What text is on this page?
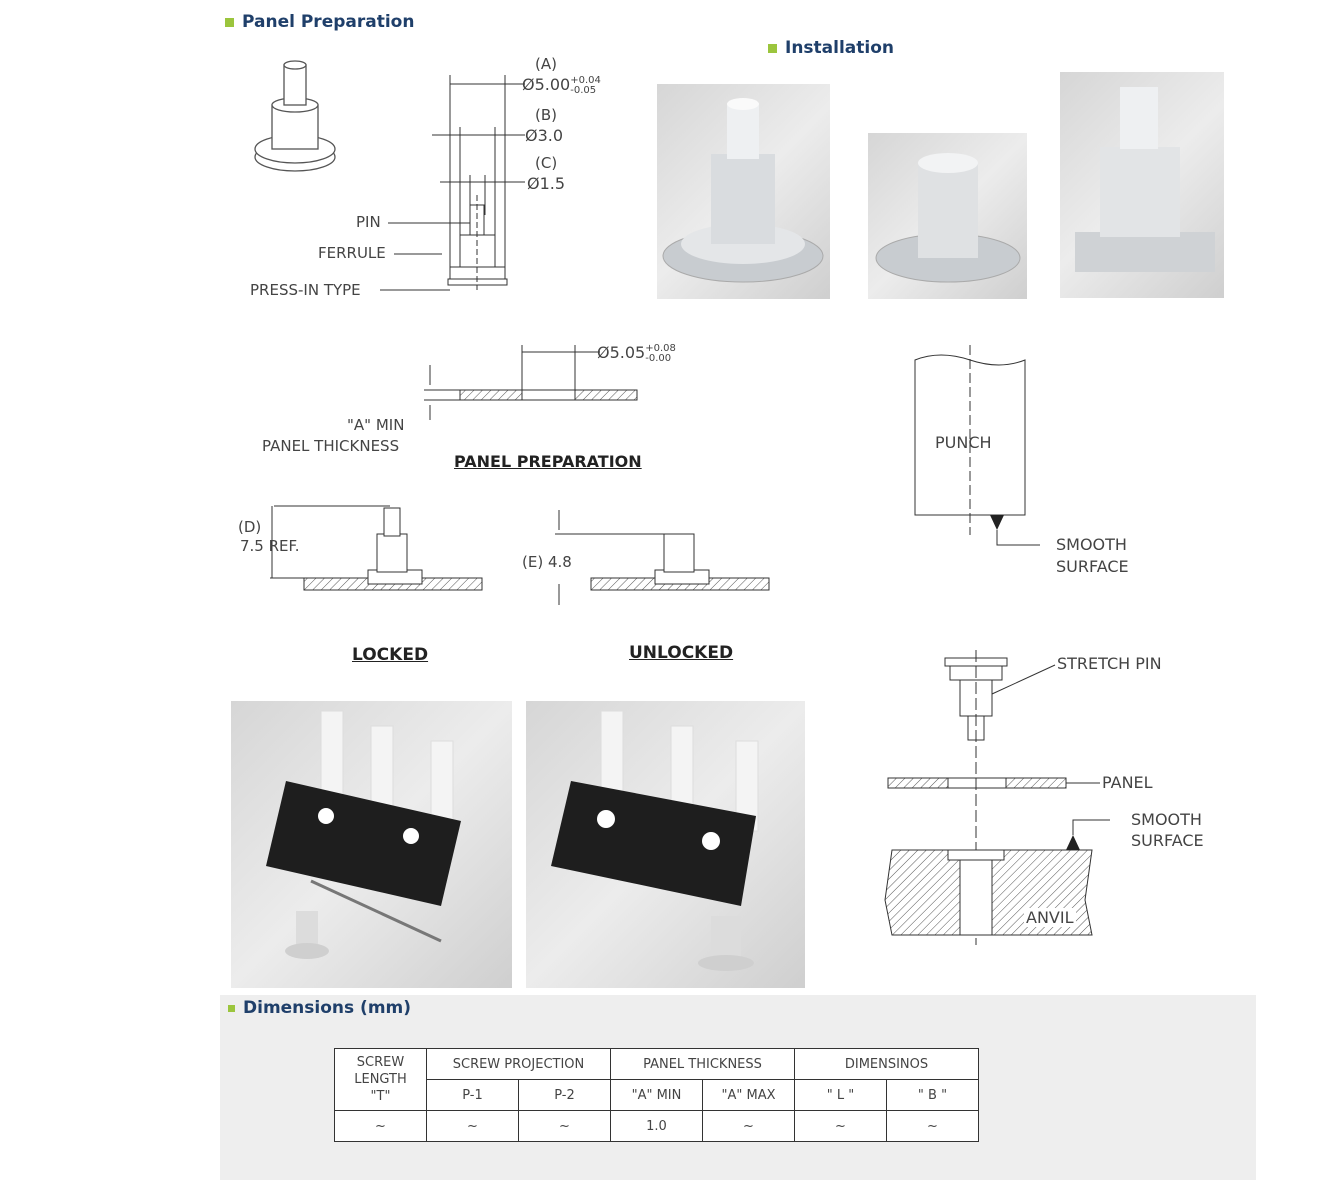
Panel Preparation
Installation
(A)
Ø5.00+0.04
-0.05
(B)
Ø3.0
(C)
Ø1.5
PIN
FERRULE
PRESS-IN TYPE
Ø5.05+0.08
-0.00
"A" MIN
PANEL THICKNESS
PANEL PREPARATION
(D)
7.5 REF.
(E) 4.8
LOCKED	UNLOCKED
PUNCH
SMOOTH
SURFACE
STRETCH PIN
PANEL
SMOOTH
SURFACE
ANVIL
Dimensions (mm)
SCREW
LENGTH
"T"	SCREW PROJECTION		PANEL THICKNESS		DIMENSINOS	
	P-1	P-2	"A" MIN	"A" MAX	" L "	" B "
~	~	~	1.0	~	~	~
